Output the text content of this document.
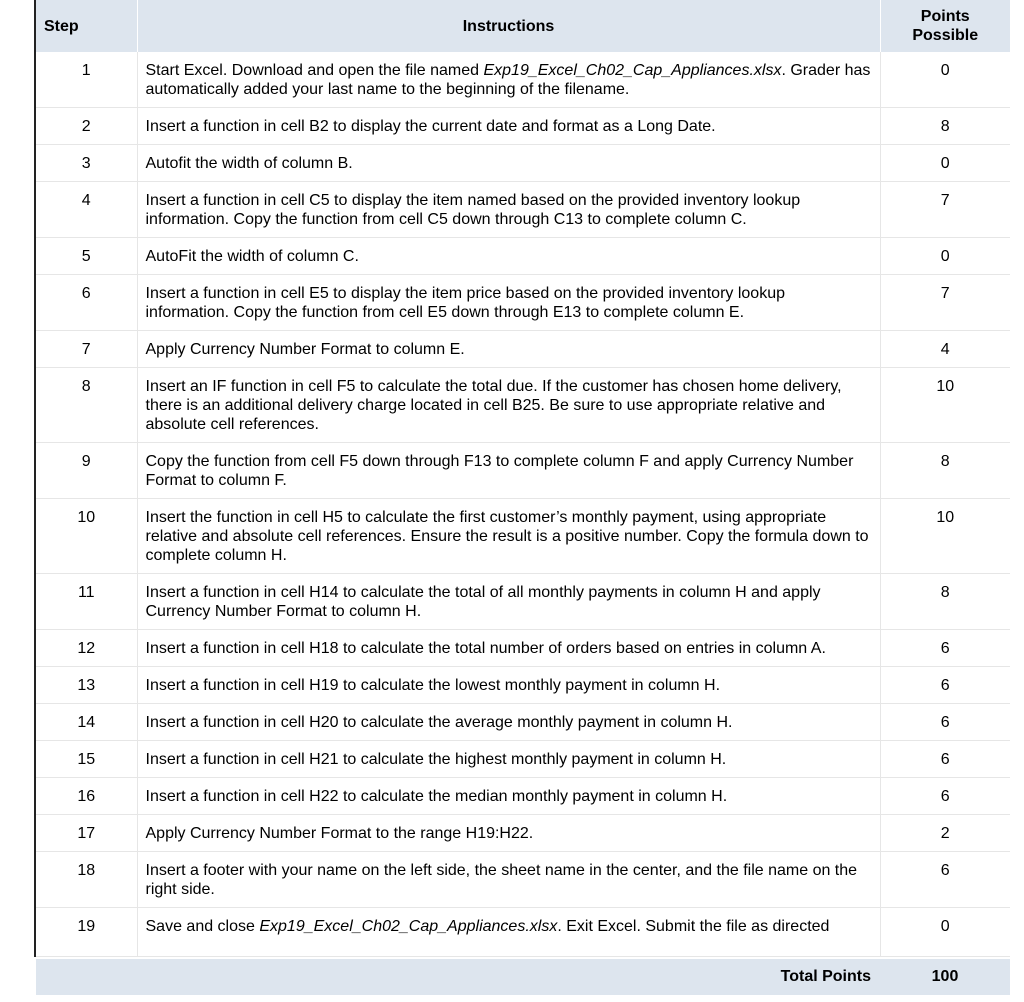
Step	Instructions	Points
Possible
1	Start Excel. Download and open the file named Exp19_Excel_Ch02_Cap_Appliances.xlsx. Grader has automatically added your last name to the beginning of the filename.	0
2	Insert a function in cell B2 to display the current date and format as a Long Date.	8
3	Autofit the width of column B.	0
4	Insert a function in cell C5 to display the item named based on the provided inventory lookup information. Copy the function from cell C5 down through C13 to complete column C.	7
5	AutoFit the width of column C.	0
6	Insert a function in cell E5 to display the item price based on the provided inventory lookup information. Copy the function from cell E5 down through E13 to complete column E.	7
7	Apply Currency Number Format to column E.	4
8	Insert an IF function in cell F5 to calculate the total due. If the customer has chosen home delivery, there is an additional delivery charge located in cell B25. Be sure to use appropriate relative and absolute cell references.	10
9	Copy the function from cell F5 down through F13 to complete column F and apply Currency Number Format to column F.	8
10	Insert the function in cell H5 to calculate the first customer’s monthly payment, using appropriate relative and absolute cell references. Ensure the result is a positive number. Copy the formula down to complete column H.	10
11	Insert a function in cell H14 to calculate the total of all monthly payments in column H and apply Currency Number Format to column H.	8
12	Insert a function in cell H18 to calculate the total number of orders based on entries in column A.	6
13	Insert a function in cell H19 to calculate the lowest monthly payment in column H.	6
14	Insert a function in cell H20 to calculate the average monthly payment in column H.	6
15	Insert a function in cell H21 to calculate the highest monthly payment in column H.	6
16	Insert a function in cell H22 to calculate the median monthly payment in column H.	6
17	Apply Currency Number Format to the range H19:H22.	2
18	Insert a footer with your name on the left side, the sheet name in the center, and the file name on the right side.	6
19	Save and close Exp19_Excel_Ch02_Cap_Appliances.xlsx. Exit Excel. Submit the file as directed	0
Total Points	100
